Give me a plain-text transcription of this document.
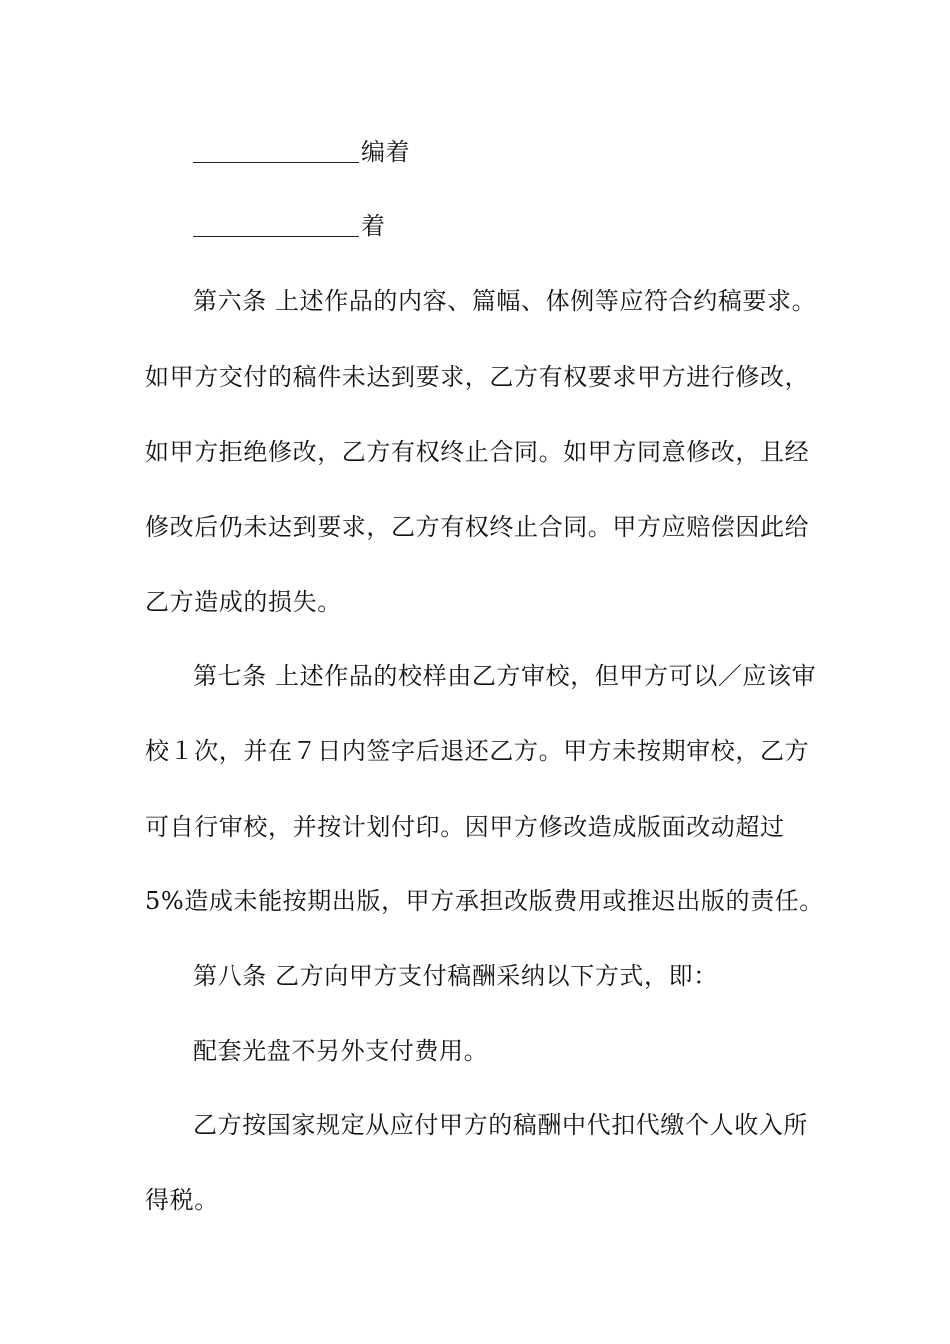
编着
着
第六条 上述作品的内容、篇幅、体例等应符合约稿要求。
如甲方交付的稿件未达到要求，乙方有权要求甲方进行修改，
如甲方拒绝修改，乙方有权终止合同。如甲方同意修改，且经
修改后仍未达到要求，乙方有权终止合同。甲方应赔偿因此给
乙方造成的损失。
第七条 上述作品的校样由乙方审校，但甲方可以／应该审
校１次，并在７日内签字后退还乙方。甲方未按期审校，乙方
可自行审校，并按计划付印。因甲方修改造成版面改动超过
5%造成未能按期出版，甲方承担改版费用或推迟出版的责任。
第八条 乙方向甲方支付稿酬采纳以下方式，即：
配套光盘不另外支付费用。
乙方按国家规定从应付甲方的稿酬中代扣代缴个人收入所
得税。
